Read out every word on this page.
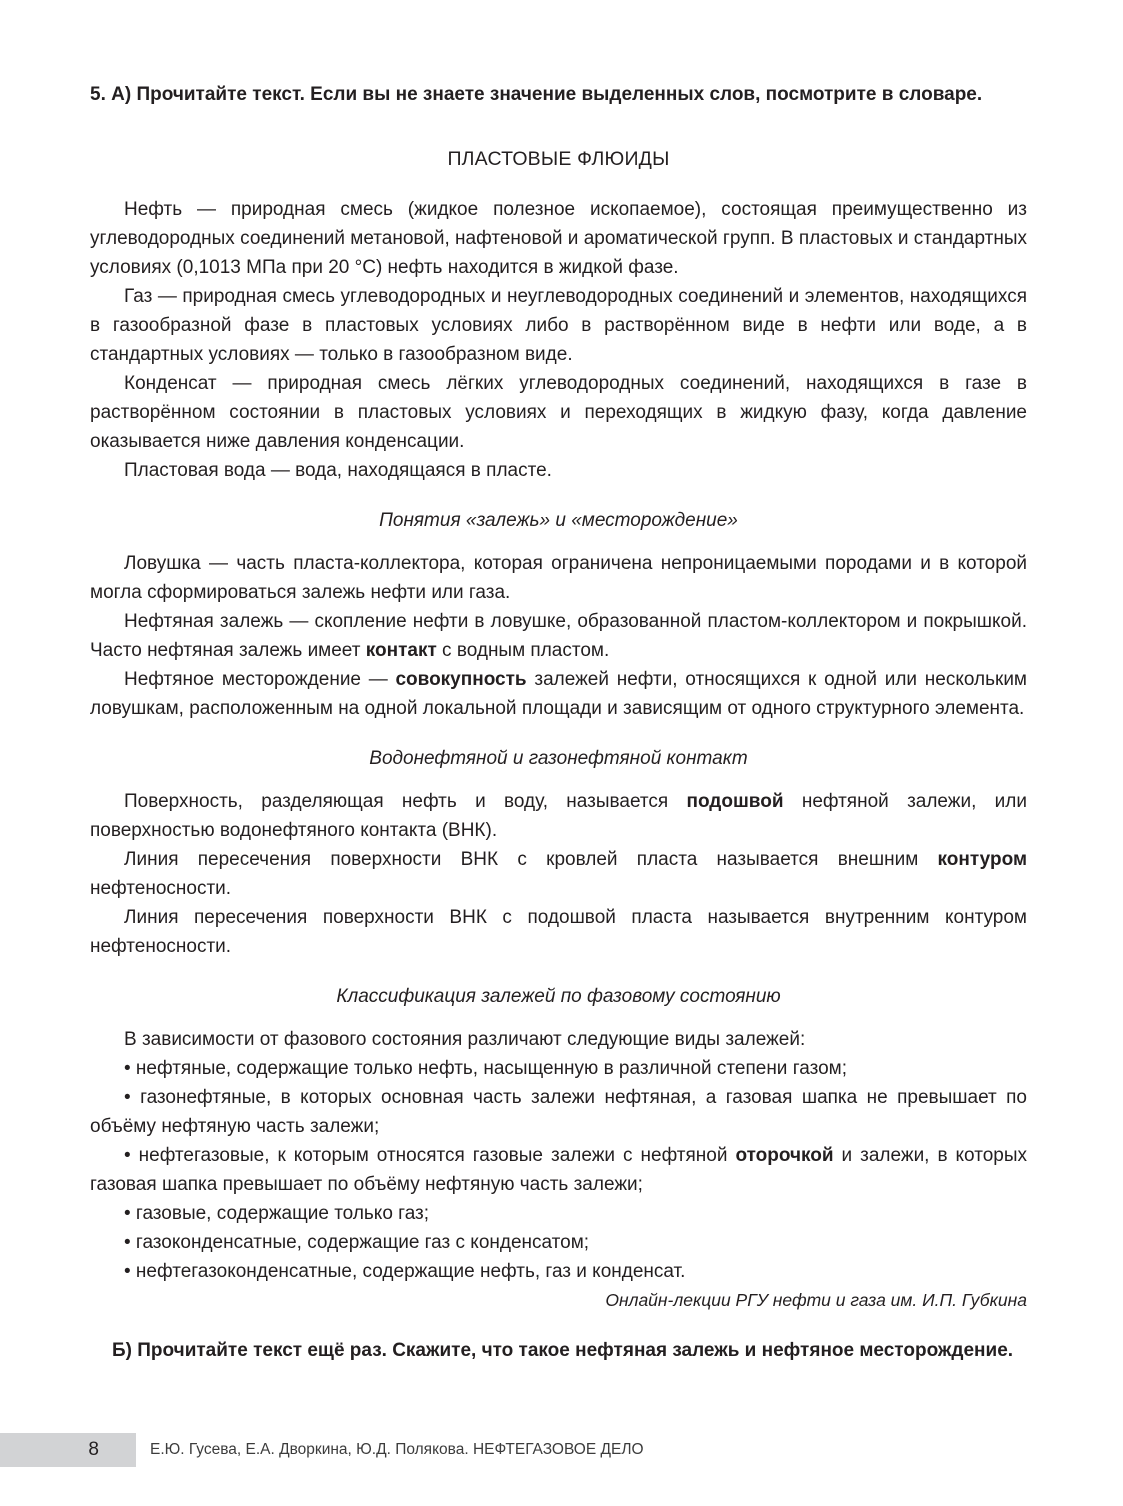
5. А) Прочитайте текст. Если вы не знаете значение выделенных слов, посмотрите в словаре.

ПЛАСТОВЫЕ ФЛЮИДЫ

Нефть — природная смесь (жидкое полезное ископаемое), состоящая преимущественно из углеводородных соединений метановой, нафтеновой и ароматической групп. В пластовых и стандартных условиях (0,1013 МПа при 20 °С) нефть находится в жидкой фазе.

Газ — природная смесь углеводородных и неуглеводородных соединений и элементов, находящихся в газообразной фазе в пластовых условиях либо в растворённом виде в нефти или воде, а в стандартных условиях — только в газообразном виде.

Конденсат — природная смесь лёгких углеводородных соединений, находящихся в газе в растворённом состоянии в пластовых условиях и переходящих в жидкую фазу, когда давление оказывается ниже давления конденсации.

Пластовая вода — вода, находящаяся в пласте.

Понятия «залежь» и «месторождение»

Ловушка — часть пласта-коллектора, которая ограничена непроницаемыми породами и в которой могла сформироваться залежь нефти или газа.

Нефтяная залежь — скопление нефти в ловушке, образованной пластом-коллектором и покрышкой. Часто нефтяная залежь имеет контакт с водным пластом.

Нефтяное месторождение — совокупность залежей нефти, относящихся к одной или нескольким ловушкам, расположенным на одной локальной площади и зависящим от одного структурного элемента.

Водонефтяной и газонефтяной контакт

Поверхность, разделяющая нефть и воду, называется подошвой нефтяной залежи, или поверхностью водонефтяного контакта (ВНК).

Линия пересечения поверхности ВНК с кровлей пласта называется внешним контуром нефтеносности.

Линия пересечения поверхности ВНК с подошвой пласта называется внутренним контуром нефтеносности.

Классификация залежей по фазовому состоянию

В зависимости от фазового состояния различают следующие виды залежей:

• нефтяные, содержащие только нефть, насыщенную в различной степени газом;

• газонефтяные, в которых основная часть залежи нефтяная, а газовая шапка не превышает по объёму нефтяную часть залежи;

• нефтегазовые, к которым относятся газовые залежи с нефтяной оторочкой и залежи, в которых газовая шапка превышает по объёму нефтяную часть залежи;

• газовые, содержащие только газ;

• газоконденсатные, содержащие газ с конденсатом;

• нефтегазоконденсатные, содержащие нефть, газ и конденсат.

Онлайн-лекции РГУ нефти и газа им. И.П. Губкина

Б) Прочитайте текст ещё раз. Скажите, что такое нефтяная залежь и нефтяное месторождение.

8	Е.Ю. Гусева, Е.А. Дворкина, Ю.Д. Полякова. НЕФТЕГАЗОВОЕ ДЕЛО
